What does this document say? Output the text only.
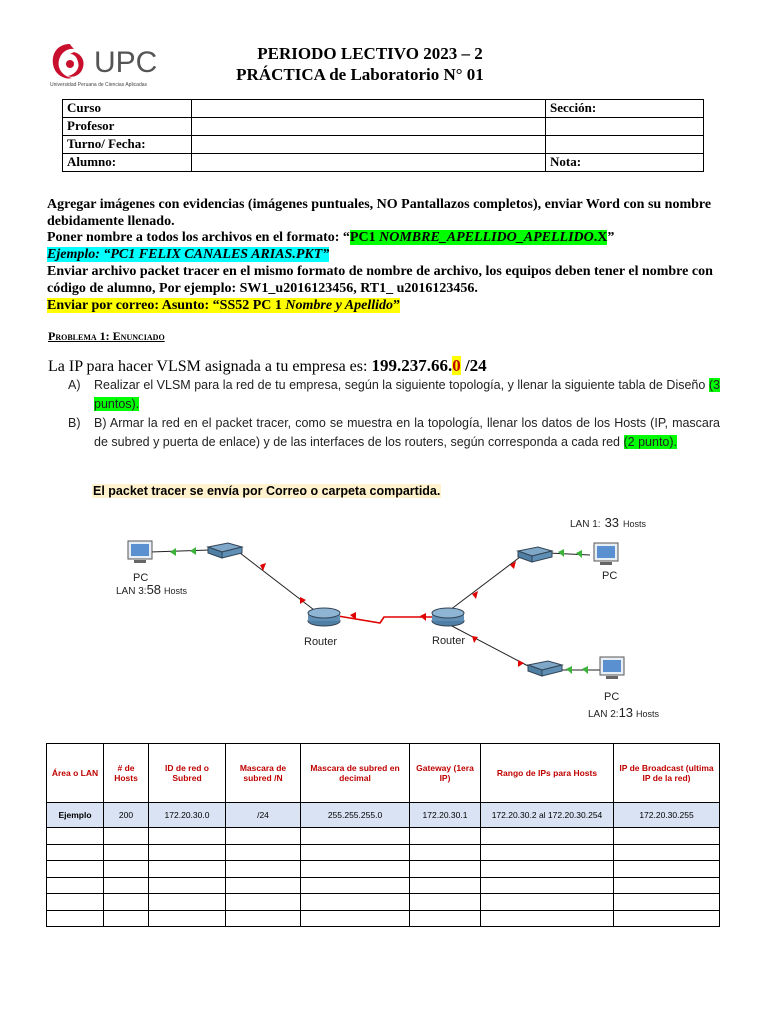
UPC
Universidad Peruana de Ciencias Aplicadas
PERIODO LECTIVO 2023 – 2
PRÁCTICA de Laboratorio N° 01
Curso		Sección:
Profesor		
Turno/ Fecha:		
Alumno:		Nota:
Agregar imágenes con evidencias (imágenes puntuales, NO Pantallazos completos), enviar Word con su nombre debidamente llenado.
Poner nombre a todos los archivos en el formato: “PC1 NOMBRE_APELLIDO_APELLIDO.X”
Ejemplo: “PC1 FELIX CANALES ARIAS.PKT”
Enviar archivo packet tracer en el mismo formato de nombre de archivo, los equipos deben tener el nombre con código de alumno, Por ejemplo: SW1_u2016123456, RT1_ u2016123456.
Enviar por correo: Asunto: “SS52 PC 1 Nombre y Apellido”
Problema 1: Enunciado
La IP para hacer VLSM asignada a tu empresa es: 199.237.66.0 /24
A) Realizar el VLSM para la red de tu empresa, según la siguiente topología, y llenar la siguiente tabla de Diseño (3 puntos).
B) B) Armar la red en el packet tracer, como se muestra en la topología, llenar los datos de los Hosts (IP, mascara de subred y puerta de enlace) y de las interfaces de los routers, según corresponda a cada red (2 punto).
El packet tracer se envía por Correo o carpeta compartida.
PC
LAN 3:58 Hosts
Router	Router
LAN 1: 33 Hosts
PC
PC
LAN 2:13 Hosts
Área o LAN	# de Hosts	ID de red o Subred	Mascara de subred /N	Mascara de subred en decimal	Gateway (1era IP)	Rango de IPs para Hosts	IP de Broadcast (ultima IP de la red)
Ejemplo	200	172.20.30.0	/24	255.255.255.0	172.20.30.1	172.20.30.2 al 172.20.30.254	172.20.30.255
